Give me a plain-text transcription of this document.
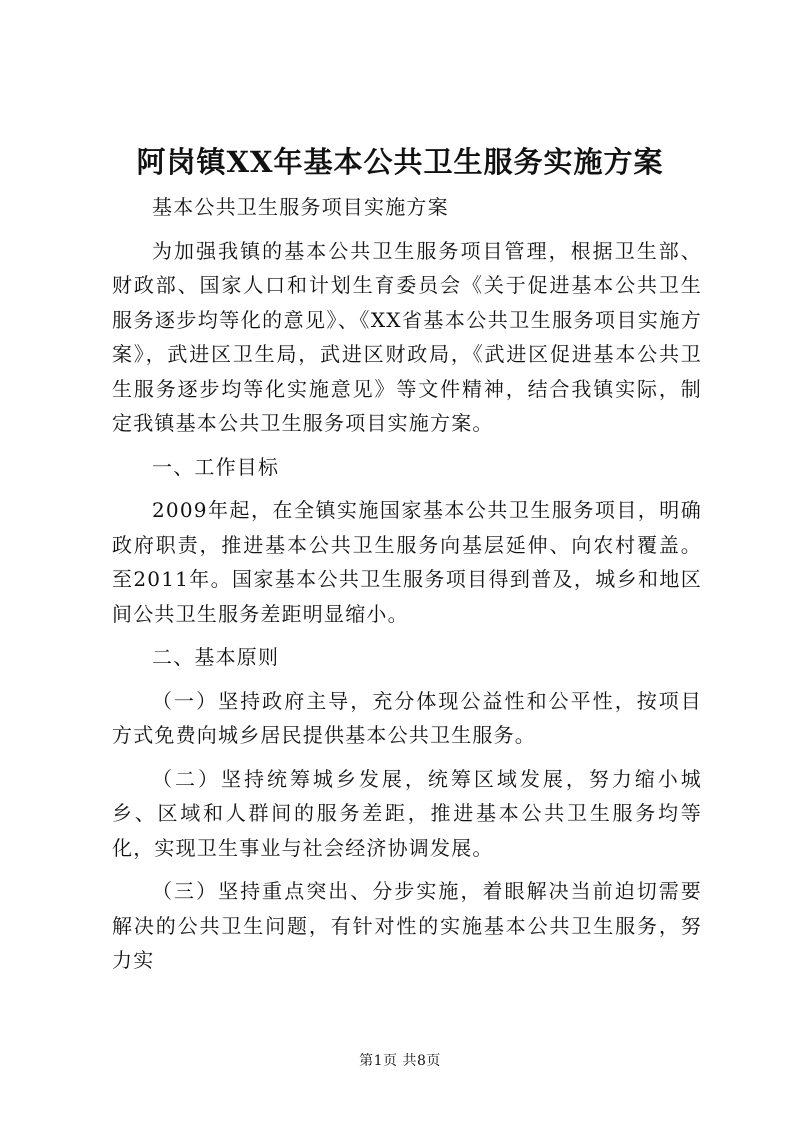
阿岗镇XX年基本公共卫生服务实施方案

基本公共卫生服务项目实施方案

为加强我镇的基本公共卫生服务项目管理，根据卫生部、财政部、国家人口和计划生育委员会《关于促进基本公共卫生服务逐步均等化的意见》、《XX省基本公共卫生服务项目实施方案》，武进区卫生局，武进区财政局，《武进区促进基本公共卫生服务逐步均等化实施意见》等文件精神，结合我镇实际，制定我镇基本公共卫生服务项目实施方案。

一、工作目标

2009年起，在全镇实施国家基本公共卫生服务项目，明确政府职责，推进基本公共卫生服务向基层延伸、向农村覆盖。至2011年。国家基本公共卫生服务项目得到普及，城乡和地区间公共卫生服务差距明显缩小。

二、基本原则

（一）坚持政府主导，充分体现公益性和公平性，按项目方式免费向城乡居民提供基本公共卫生服务。

（二）坚持统筹城乡发展，统筹区域发展，努力缩小城乡、区域和人群间的服务差距，推进基本公共卫生服务均等化，实现卫生事业与社会经济协调发展。

（三）坚持重点突出、分步实施，着眼解决当前迫切需要解决的公共卫生问题，有针对性的实施基本公共卫生服务，努力实

第1页 共8页
